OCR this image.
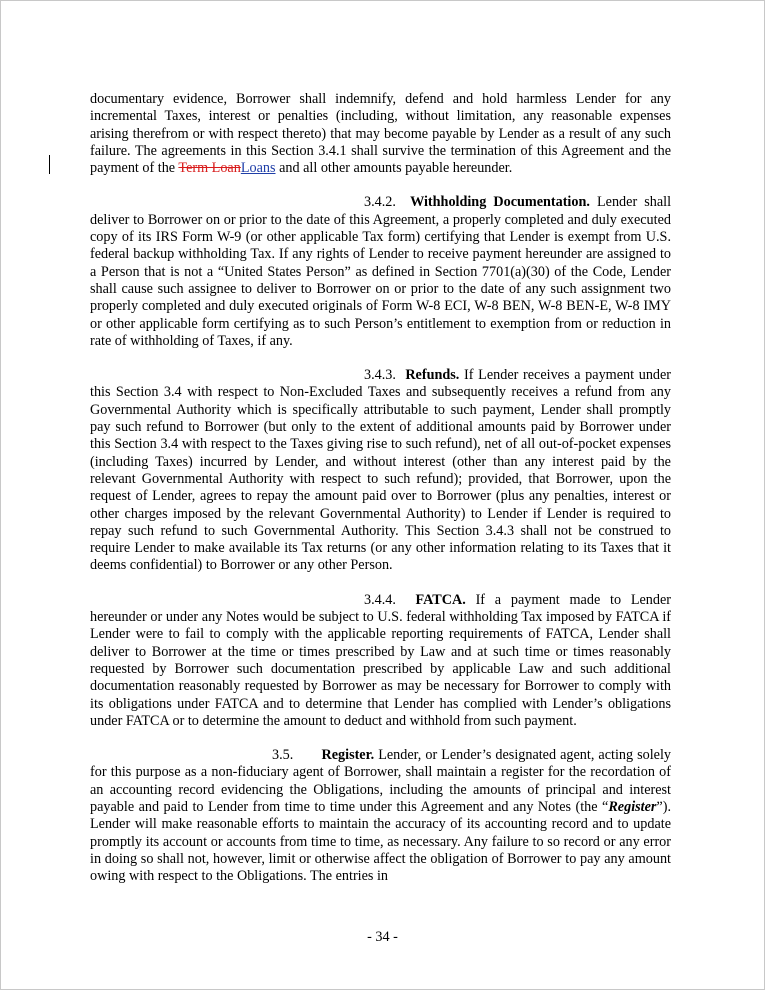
documentary evidence, Borrower shall indemnify, defend and hold harmless Lender for any incremental Taxes, interest or penalties (including, without limitation, any reasonable expenses arising therefrom or with respect thereto) that may become payable by Lender as a result of any such failure. The agreements in this Section 3.4.1 shall survive the termination of this Agreement and the payment of the Term LoanLoans and all other amounts payable hereunder.

3.4.2. Withholding Documentation. Lender shall deliver to Borrower on or prior to the date of this Agreement, a properly completed and duly executed copy of its IRS Form W-9 (or other applicable Tax form) certifying that Lender is exempt from U.S. federal backup withholding Tax. If any rights of Lender to receive payment hereunder are assigned to a Person that is not a “United States Person” as defined in Section 7701(a)(30) of the Code, Lender shall cause such assignee to deliver to Borrower on or prior to the date of any such assignment two properly completed and duly executed originals of Form W-8 ECI, W-8 BEN, W-8 BEN-E, W-8 IMY or other applicable form certifying as to such Person’s entitlement to exemption from or reduction in rate of withholding of Taxes, if any.

3.4.3. Refunds. If Lender receives a payment under this Section 3.4 with respect to Non-Excluded Taxes and subsequently receives a refund from any Governmental Authority which is specifically attributable to such payment, Lender shall promptly pay such refund to Borrower (but only to the extent of additional amounts paid by Borrower under this Section 3.4 with respect to the Taxes giving rise to such refund), net of all out-of-pocket expenses (including Taxes) incurred by Lender, and without interest (other than any interest paid by the relevant Governmental Authority with respect to such refund); provided, that Borrower, upon the request of Lender, agrees to repay the amount paid over to Borrower (plus any penalties, interest or other charges imposed by the relevant Governmental Authority) to Lender if Lender is required to repay such refund to such Governmental Authority. This Section 3.4.3 shall not be construed to require Lender to make available its Tax returns (or any other information relating to its Taxes that it deems confidential) to Borrower or any other Person.

3.4.4. FATCA. If a payment made to Lender hereunder or under any Notes would be subject to U.S. federal withholding Tax imposed by FATCA if Lender were to fail to comply with the applicable reporting requirements of FATCA, Lender shall deliver to Borrower at the time or times prescribed by Law and at such time or times reasonably requested by Borrower such documentation prescribed by applicable Law and such additional documentation reasonably requested by Borrower as may be necessary for Borrower to comply with its obligations under FATCA and to determine that Lender has complied with Lender’s obligations under FATCA or to determine the amount to deduct and withhold from such payment.

3.5. Register. Lender, or Lender’s designated agent, acting solely for this purpose as a non-fiduciary agent of Borrower, shall maintain a register for the recordation of an accounting record evidencing the Obligations, including the amounts of principal and interest payable and paid to Lender from time to time under this Agreement and any Notes (the “Register”). Lender will make reasonable efforts to maintain the accuracy of its accounting record and to update promptly its account or accounts from time to time, as necessary. Any failure to so record or any error in doing so shall not, however, limit or otherwise affect the obligation of Borrower to pay any amount owing with respect to the Obligations. The entries in

- 34 -
